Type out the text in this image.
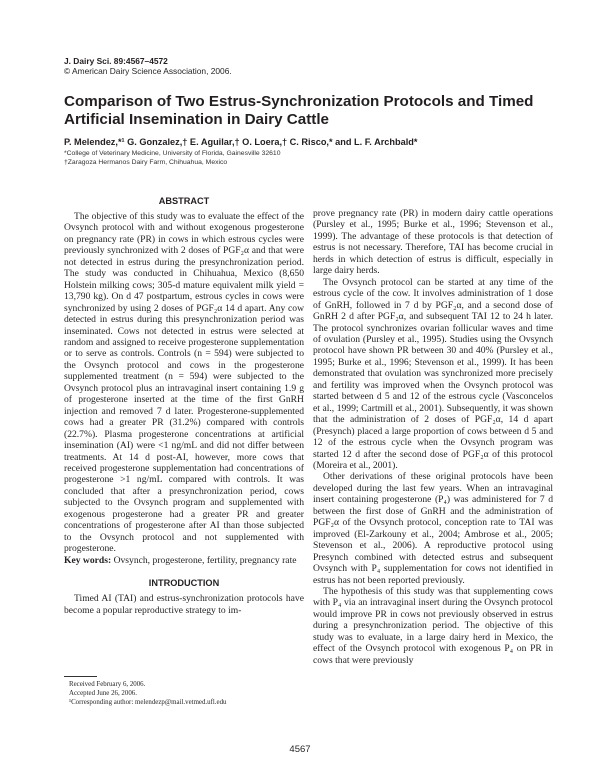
J. Dairy Sci. 89:4567–4572
© American Dairy Science Association, 2006.
Comparison of Two Estrus-Synchronization Protocols and Timed Artificial Insemination in Dairy Cattle
P. Melendez,*¹ G. Gonzalez,† E. Aguilar,† O. Loera,† C. Risco,* and L. F. Archbald*
*College of Veterinary Medicine, University of Florida, Gainesville 32610
†Zaragoza Hermanos Dairy Farm, Chihuahua, Mexico
ABSTRACT

The objective of this study was to evaluate the effect of the Ovsynch protocol with and without exogenous progesterone on pregnancy rate (PR) in cows in which estrous cycles were previously synchronized with 2 doses of PGF₂α and that were not detected in estrus during the presynchronization period. The study was conducted in Chihuahua, Mexico (8,650 Holstein milking cows; 305-d mature equivalent milk yield = 13,790 kg). On d 47 postpartum, estrous cycles in cows were synchronized by using 2 doses of PGF₂α 14 d apart. Any cow detected in estrus during this presynchronization period was inseminated. Cows not detected in estrus were selected at random and assigned to receive progesterone supplementation or to serve as controls. Controls (n = 594) were subjected to the Ovsynch protocol and cows in the progesterone supplemented treatment (n = 594) were subjected to the Ovsynch protocol plus an intravaginal insert containing 1.9 g of progesterone inserted at the time of the first GnRH injection and removed 7 d later. Progesterone-supplemented cows had a greater PR (31.2%) compared with controls (22.7%). Plasma progesterone concentrations at artificial insemination (AI) were <1 ng/mL and did not differ between treatments. At 14 d post-AI, however, more cows that received progesterone supplementation had concentrations of progesterone >1 ng/mL compared with controls. It was concluded that after a presynchronization period, cows subjected to the Ovsynch program and supplemented with exogenous progesterone had a greater PR and greater concentrations of progesterone after AI than those subjected to the Ovsynch protocol and not supplemented with progesterone.

Key words: Ovsynch, progesterone, fertility, pregnancy rate

INTRODUCTION

Timed AI (TAI) and estrus-synchronization protocols have become a popular reproductive strategy to im-

prove pregnancy rate (PR) in modern dairy cattle operations (Pursley et al., 1995; Burke et al., 1996; Stevenson et al., 1999). The advantage of these protocols is that detection of estrus is not necessary. Therefore, TAI has become crucial in herds in which detection of estrus is difficult, especially in large dairy herds.

The Ovsynch protocol can be started at any time of the estrous cycle of the cow. It involves administration of 1 dose of GnRH, followed in 7 d by PGF₂α, and a second dose of GnRH 2 d after PGF₂α, and subsequent TAI 12 to 24 h later. The protocol synchronizes ovarian follicular waves and time of ovulation (Pursley et al., 1995). Studies using the Ovsynch protocol have shown PR between 30 and 40% (Pursley et al., 1995; Burke et al., 1996; Stevenson et al., 1999). It has been demonstrated that ovulation was synchronized more precisely and fertility was improved when the Ovsynch protocol was started between d 5 and 12 of the estrous cycle (Vasconcelos et al., 1999; Cartmill et al., 2001). Subsequently, it was shown that the administration of 2 doses of PGF₂α, 14 d apart (Presynch) placed a large proportion of cows between d 5 and 12 of the estrous cycle when the Ovsynch program was started 12 d after the second dose of PGF₂α of this protocol (Moreira et al., 2001).

Other derivations of these original protocols have been developed during the last few years. When an intravaginal insert containing progesterone (P₄) was administered for 7 d between the first dose of GnRH and the administration of PGF₂α of the Ovsynch protocol, conception rate to TAI was improved (El-Zarkouny et al., 2004; Ambrose et al., 2005; Stevenson et al., 2006). A reproductive protocol using Presynch combined with detected estrus and subsequent Ovsynch with P₄ supplementation for cows not identified in estrus has not been reported previously.

The hypothesis of this study was that supplementing cows with P₄ via an intravaginal insert during the Ovsynch protocol would improve PR in cows not previously observed in estrus during a presynchronization period. The objective of this study was to evaluate, in a large dairy herd in Mexico, the effect of the Ovsynch protocol with exogenous P₄ on PR in cows that were previously

Received February 6, 2006.
Accepted June 26, 2006.
¹Corresponding author: melendezp@mail.vetmed.ufl.edu
4567
